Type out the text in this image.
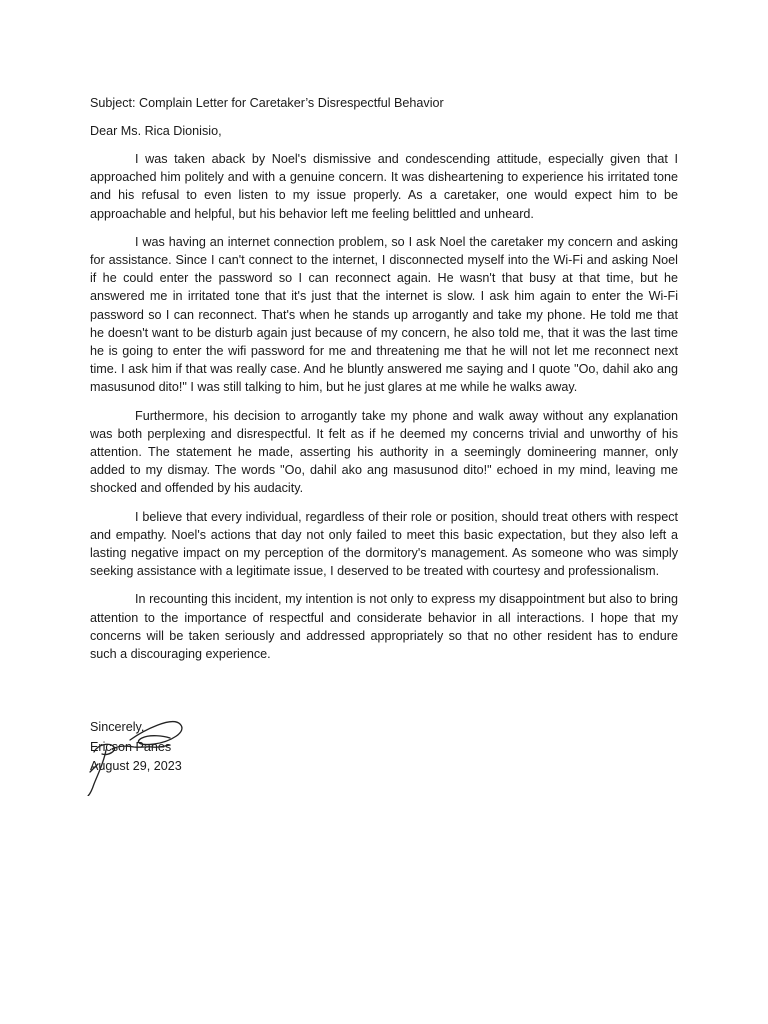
Subject: Complain Letter for Caretaker’s Disrespectful Behavior
Dear Ms. Rica Dionisio,

I was taken aback by Noel's dismissive and condescending attitude, especially given that I approached him politely and with a genuine concern. It was disheartening to experience his irritated tone and his refusal to even listen to my issue properly. As a caretaker, one would expect him to be approachable and helpful, but his behavior left me feeling belittled and unheard.

I was having an internet connection problem, so I ask Noel the caretaker my concern and asking for assistance. Since I can't connect to the internet, I disconnected myself into the Wi-Fi and asking Noel if he could enter the password so I can reconnect again. He wasn't that busy at that time, but he answered me in irritated tone that it's just that the internet is slow. I ask him again to enter the Wi-Fi password so I can reconnect. That's when he stands up arrogantly and take my phone. He told me that he doesn't want to be disturb again just because of my concern, he also told me, that it was the last time he is going to enter the wifi password for me and threatening me that he will not let me reconnect next time. I ask him if that was really case. And he bluntly answered me saying and I quote "Oo, dahil ako ang masusunod dito!" I was still talking to him, but he just glares at me while he walks away.

Furthermore, his decision to arrogantly take my phone and walk away without any explanation was both perplexing and disrespectful. It felt as if he deemed my concerns trivial and unworthy of his attention. The statement he made, asserting his authority in a seemingly domineering manner, only added to my dismay. The words "Oo, dahil ako ang masusunod dito!" echoed in my mind, leaving me shocked and offended by his audacity.

I believe that every individual, regardless of their role or position, should treat others with respect and empathy. Noel's actions that day not only failed to meet this basic expectation, but they also left a lasting negative impact on my perception of the dormitory's management. As someone who was simply seeking assistance with a legitimate issue, I deserved to be treated with courtesy and professionalism.

In recounting this incident, my intention is not only to express my disappointment but also to bring attention to the importance of respectful and considerate behavior in all interactions. I hope that my concerns will be taken seriously and addressed appropriately so that no other resident has to endure such a discouraging experience.

Sincerely,
Ericson Panes
August 29, 2023
